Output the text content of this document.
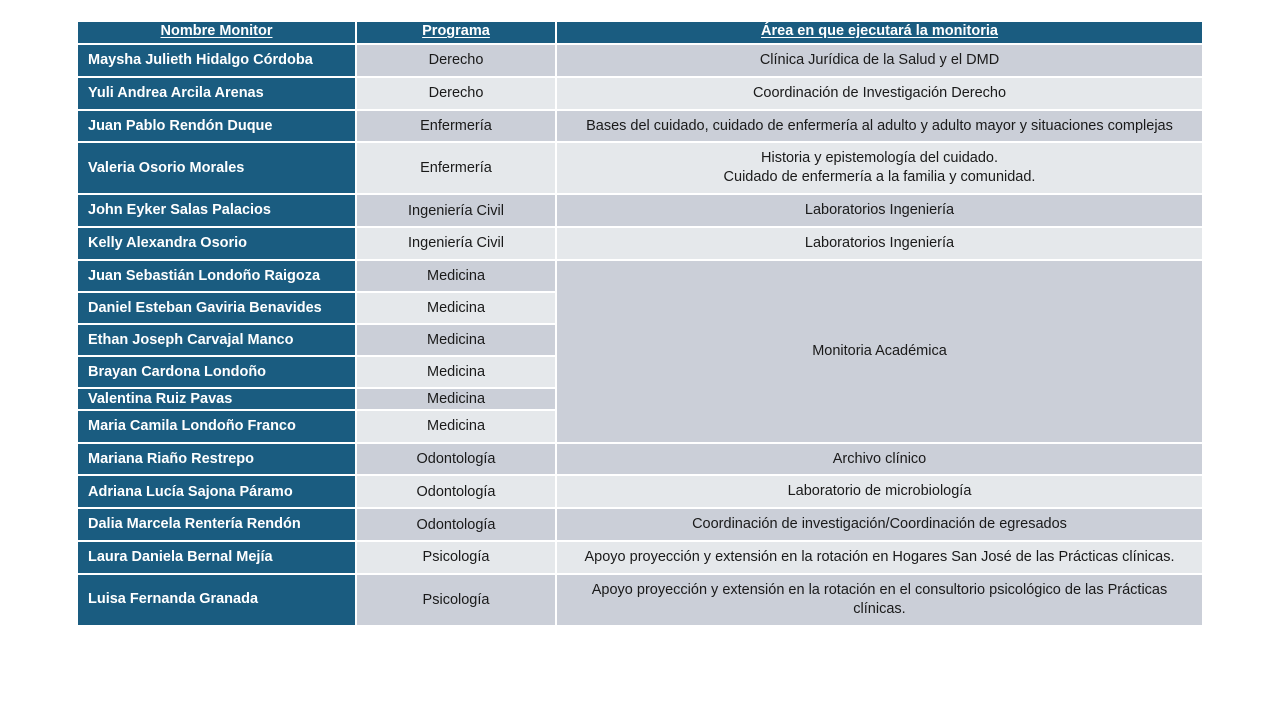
Nombre Monitor	Programa	Área en que ejecutará la monitoria
Maysha Julieth Hidalgo Córdoba	Derecho	Clínica Jurídica de la Salud y el DMD
Yuli Andrea Arcila Arenas	Derecho	Coordinación de Investigación Derecho
Juan Pablo Rendón Duque	Enfermería	Bases del cuidado, cuidado de enfermería al adulto y adulto mayor y situaciones complejas
Valeria Osorio Morales	Enfermería	Historia y epistemología del cuidado.
Cuidado de enfermería a la familia y comunidad.

John Eyker Salas Palacios	Ingeniería Civil	Laboratorios Ingeniería
Kelly Alexandra Osorio	Ingeniería Civil	Laboratorios Ingeniería
Juan Sebastián Londoño Raigoza	Medicina	Monitoria Académica
Daniel Esteban Gaviria Benavides	Medicina	
Ethan Joseph Carvajal Manco	Medicina	
Brayan Cardona Londoño	Medicina	
Valentina Ruiz Pavas	Medicina	
Maria Camila Londoño Franco	Medicina	
Mariana Riaño Restrepo	Odontología	Archivo clínico
Adriana Lucía Sajona Páramo	Odontología	Laboratorio de microbiología
Dalia Marcela Rentería Rendón	Odontología	Coordinación de investigación/Coordinación de egresados
Laura Daniela Bernal Mejía	Psicología	Apoyo proyección y extensión en la rotación en Hogares San José de las Prácticas clínicas.
Luisa Fernanda Granada	Psicología	Apoyo proyección y extensión en la rotación en el consultorio psicológico de las Prácticas clínicas.
